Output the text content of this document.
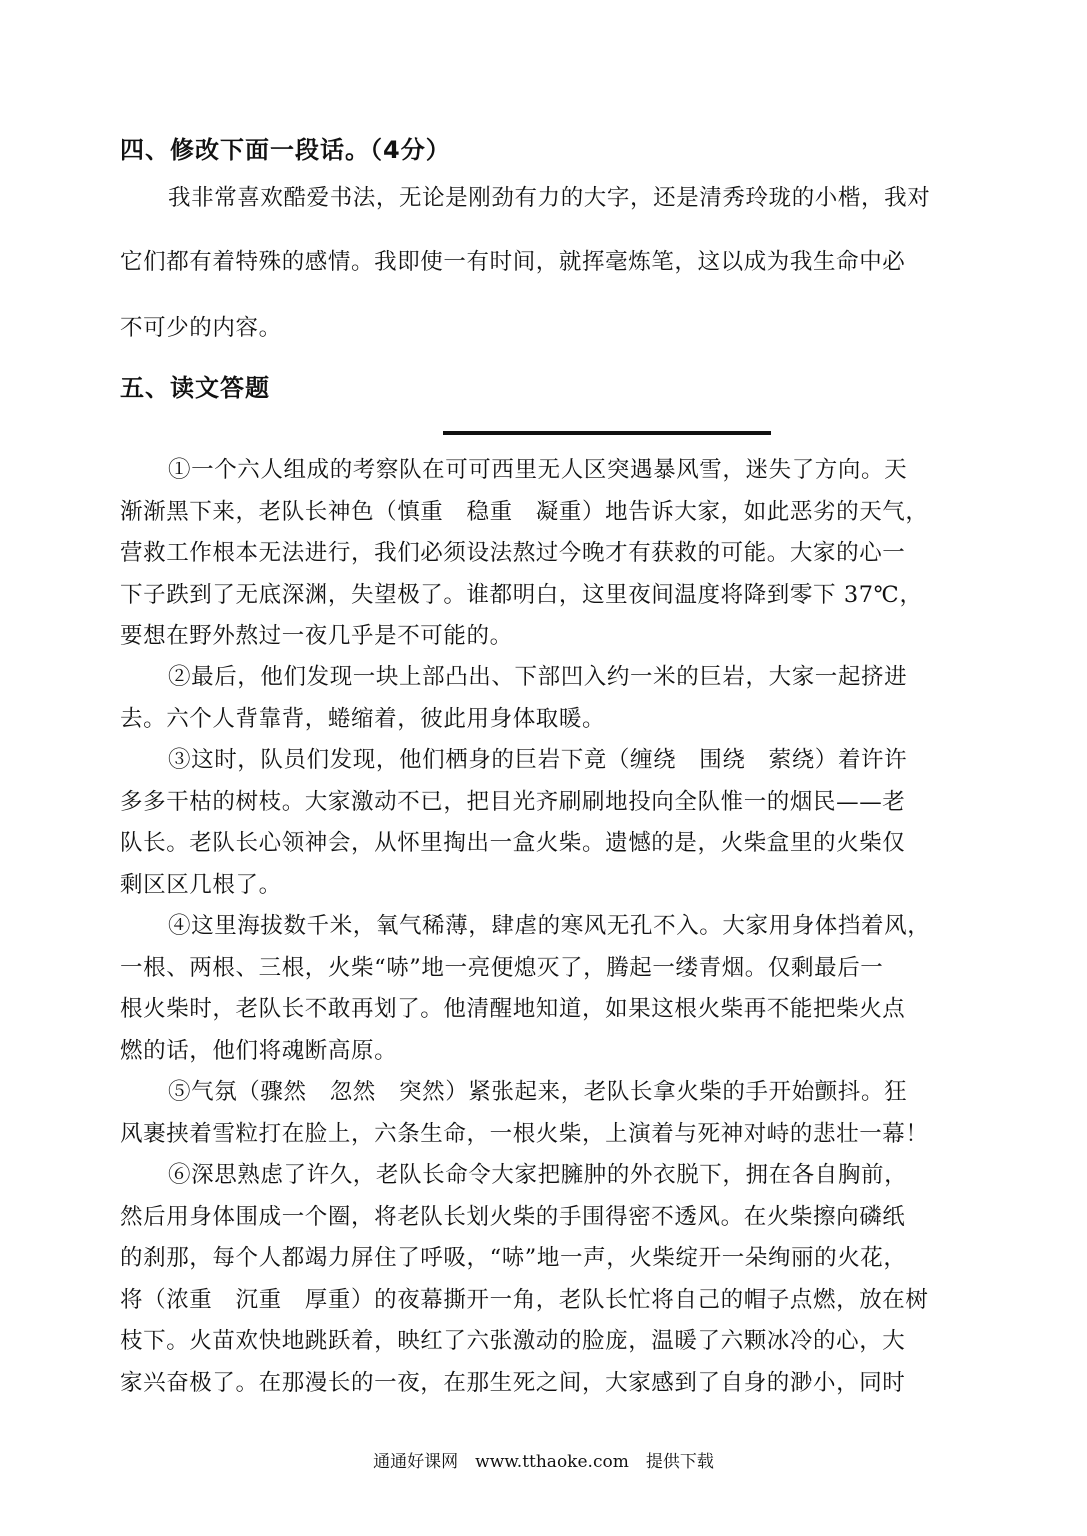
四、修改下面一段话。（4分）
我非常喜欢酷爱书法，无论是刚劲有力的大字，还是清秀玲珑的小楷，我对
它们都有着特殊的感情。我即使一有时间，就挥毫炼笔，这以成为我生命中必
不可少的内容。
五、读文答题
①一个六人组成的考察队在可可西里无人区突遇暴风雪，迷失了方向。天
渐渐黑下来，老队长神色（慎重　稳重　凝重）地告诉大家，如此恶劣的天气，
营救工作根本无法进行，我们必须设法熬过今晚才有获救的可能。大家的心一
下子跌到了无底深渊，失望极了。谁都明白，这里夜间温度将降到零下 37℃，
要想在野外熬过一夜几乎是不可能的。
②最后，他们发现一块上部凸出、下部凹入约一米的巨岩，大家一起挤进
去。六个人背靠背，蜷缩着，彼此用身体取暖。
③这时，队员们发现，他们栖身的巨岩下竟（缠绕　围绕　萦绕）着许许
多多干枯的树枝。大家激动不已，把目光齐刷刷地投向全队惟一的烟民——老
队长。老队长心领神会，从怀里掏出一盒火柴。遗憾的是，火柴盒里的火柴仅
剩区区几根了。
④这里海拔数千米，氧气稀薄，肆虐的寒风无孔不入。大家用身体挡着风，
一根、两根、三根，火柴“哧”地一亮便熄灭了，腾起一缕青烟。仅剩最后一
根火柴时，老队长不敢再划了。他清醒地知道，如果这根火柴再不能把柴火点
燃的话，他们将魂断高原。
⑤气氛（骤然　忽然　突然）紧张起来，老队长拿火柴的手开始颤抖。狂
风裹挟着雪粒打在脸上，六条生命，一根火柴，上演着与死神对峙的悲壮一幕！
⑥深思熟虑了许久，老队长命令大家把臃肿的外衣脱下，拥在各自胸前，
然后用身体围成一个圈，将老队长划火柴的手围得密不透风。在火柴擦向磷纸
的刹那，每个人都竭力屏住了呼吸，“哧”地一声，火柴绽开一朵绚丽的火花，
将（浓重　沉重　厚重）的夜幕撕开一角，老队长忙将自己的帽子点燃，放在树
枝下。火苗欢快地跳跃着，映红了六张激动的脸庞，温暖了六颗冰冷的心，大
家兴奋极了。在那漫长的一夜，在那生死之间，大家感到了自身的渺小，同时
通通好课网　www.tthaoke.com　提供下载
